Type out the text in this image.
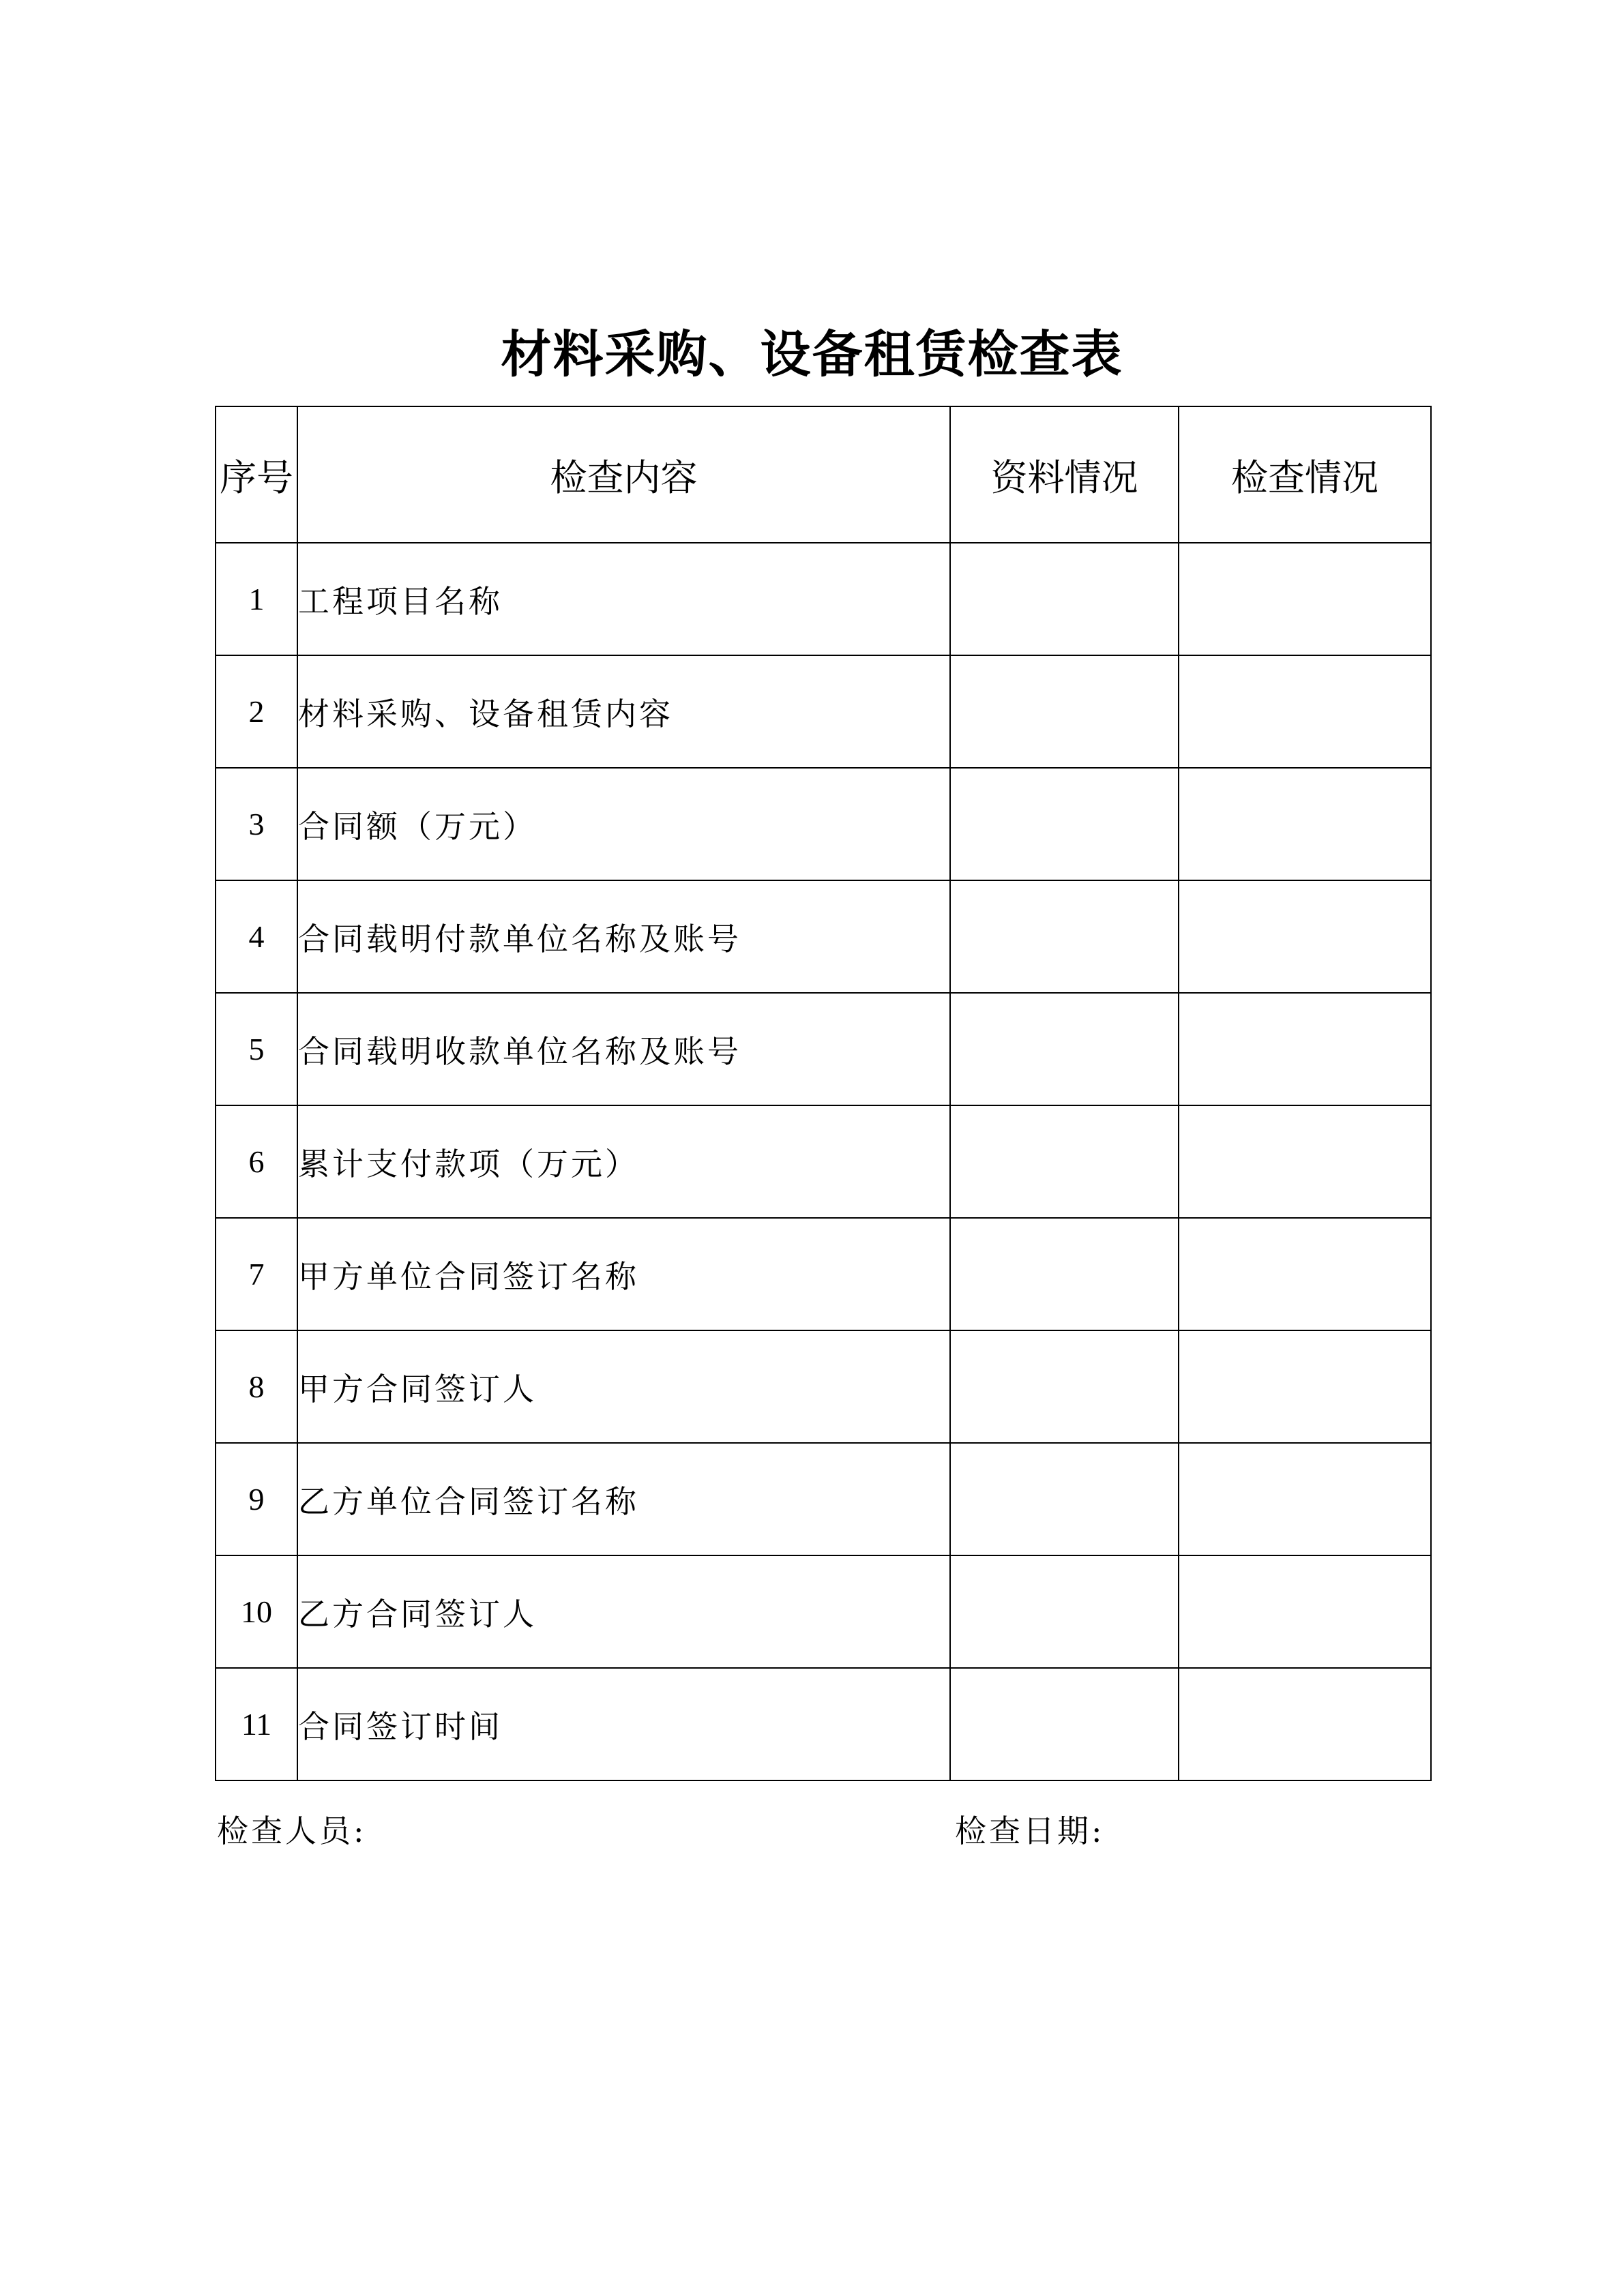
材料采购、设备租赁检查表
序号	检查内容	资料情况	检查情况
1	工程项目名称		
2	材料采购、设备租赁内容		
3	合同额（万元）		
4	合同载明付款单位名称及账号		
5	合同载明收款单位名称及账号		
6	累计支付款项（万元）		
7	甲方单位合同签订名称		
8	甲方合同签订人		
9	乙方单位合同签订名称		
10	乙方合同签订人		
11	合同签订时间		
检查人员:	检查日期:
